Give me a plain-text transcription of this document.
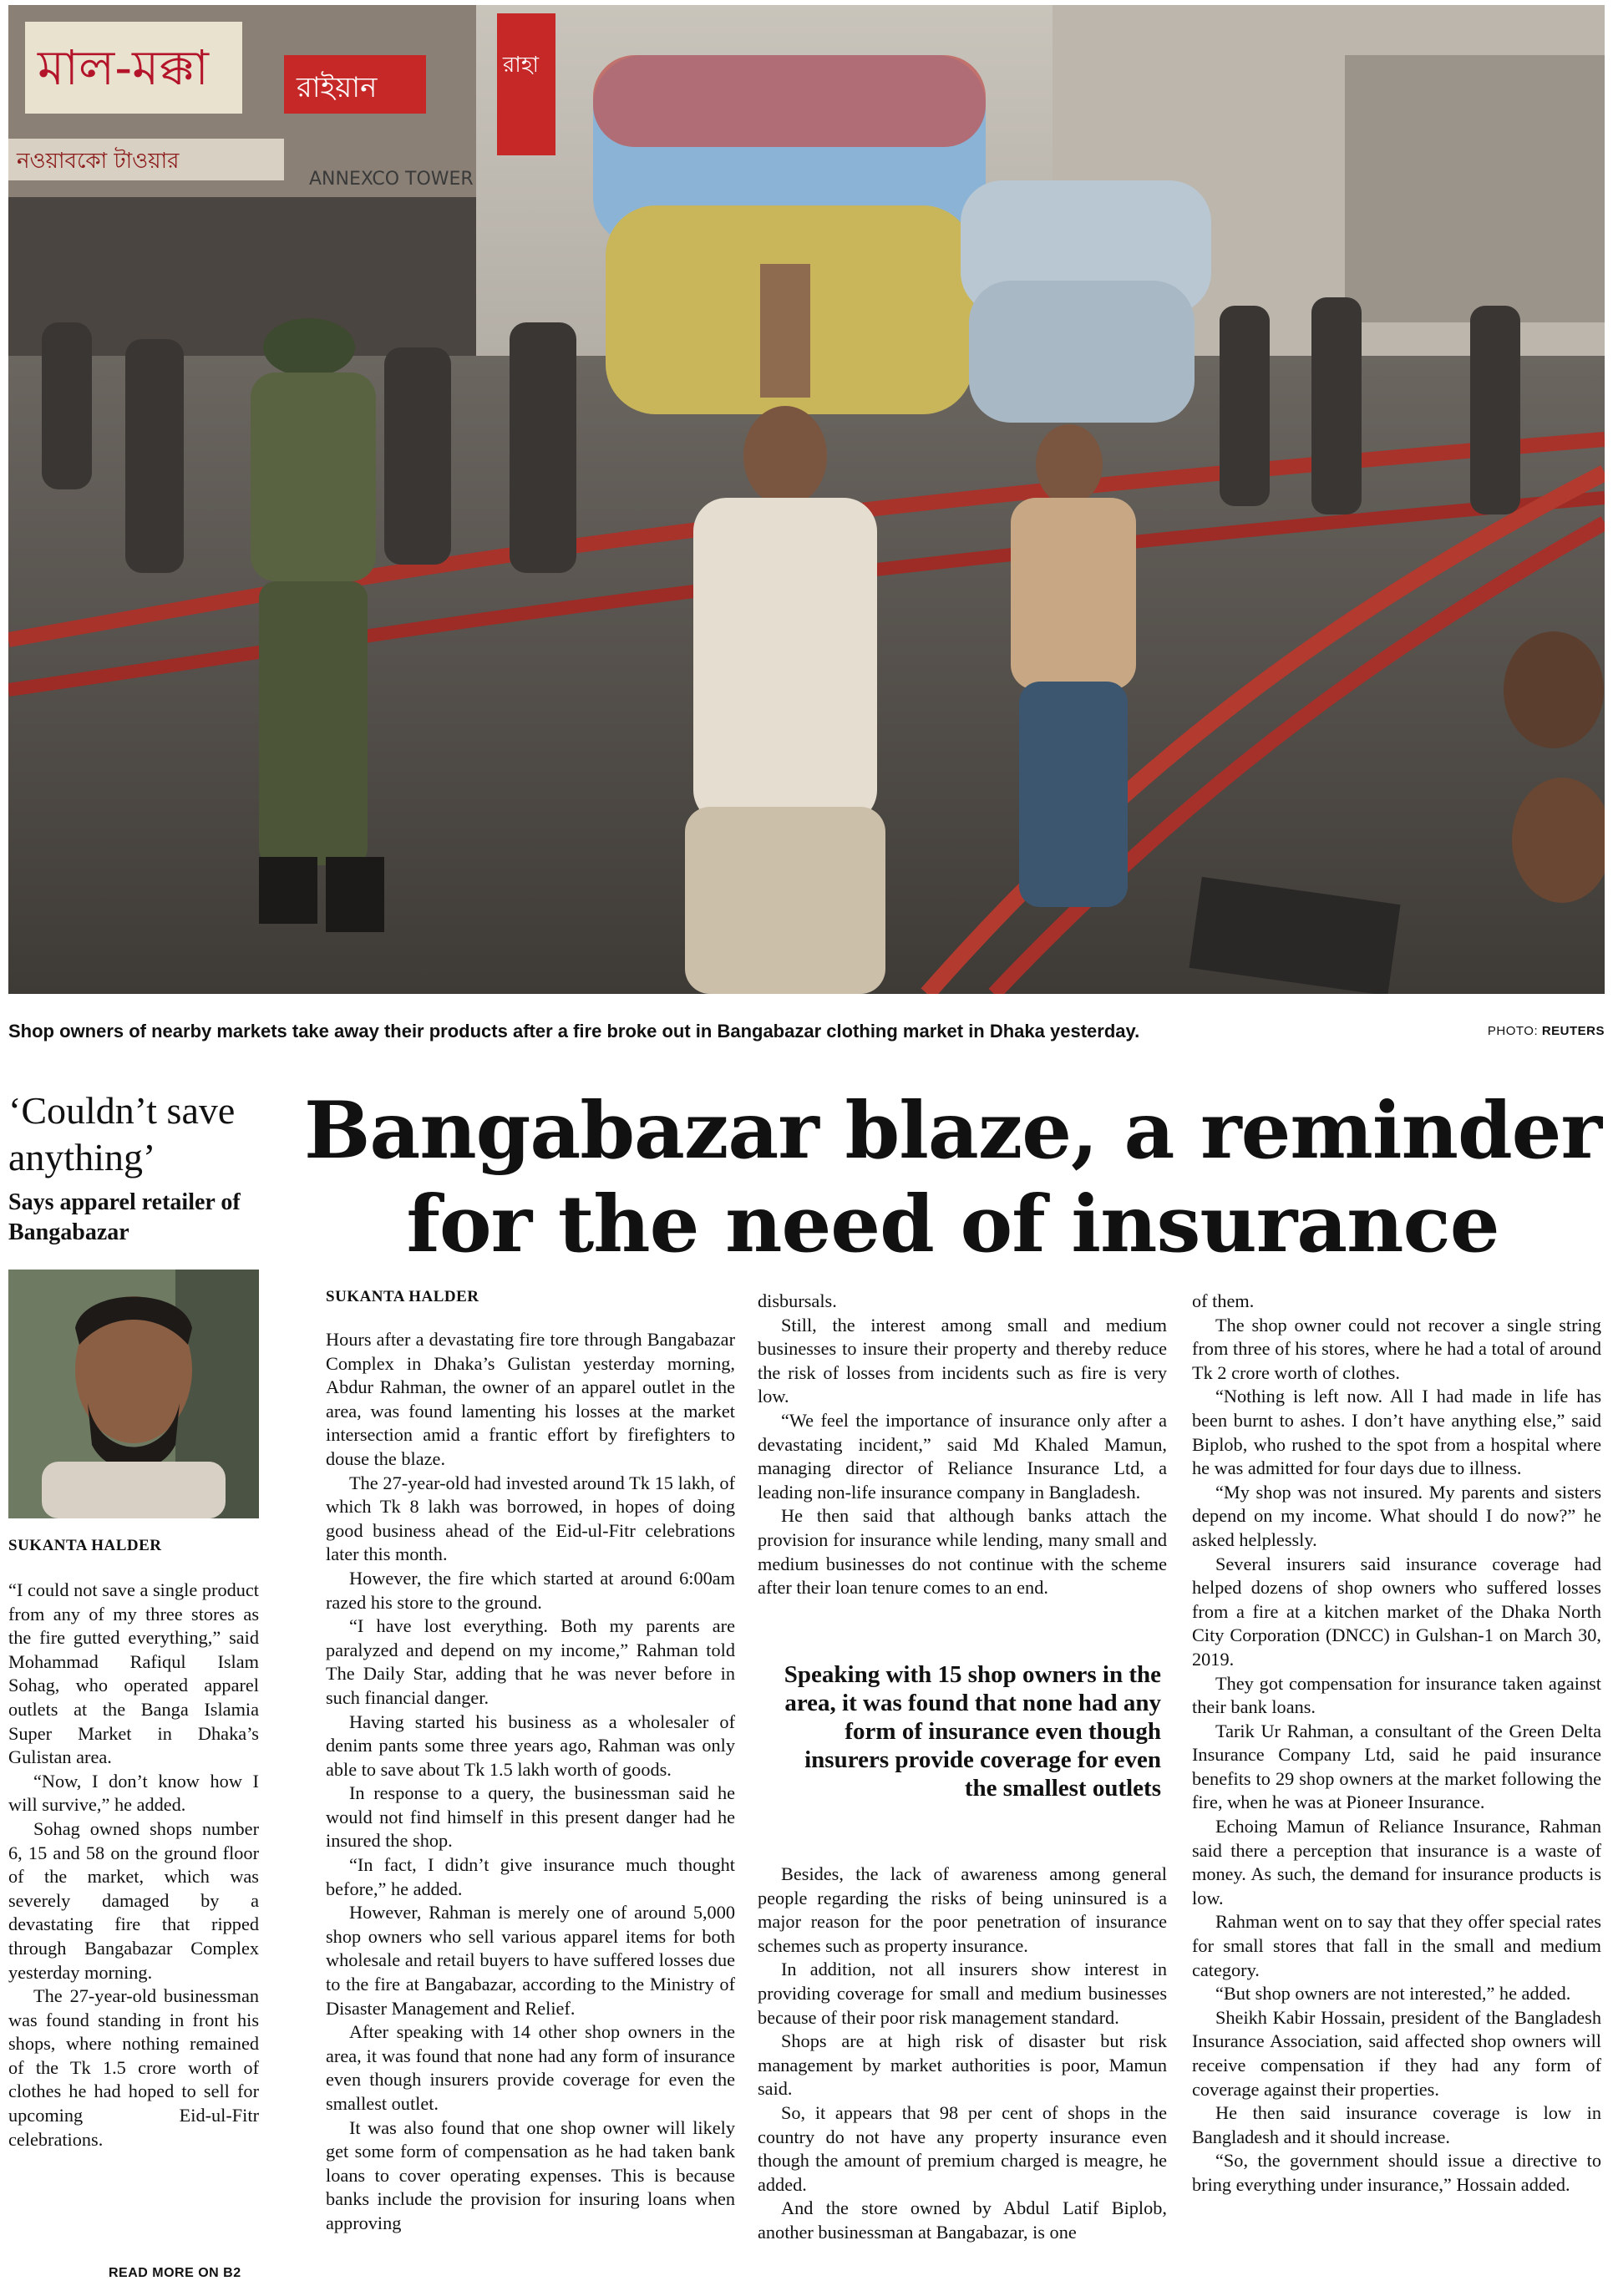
মাল-মক্কা	রাইয়ান
রাহা
নওয়াবকো টাওয়ার
ANNEXCO TOWER
Shop owners of nearby markets take away their products after a fire broke out in Bangabazar clothing market in Dhaka yesterday.	PHOTO: REUTERS
‘Couldn’t save anything’
Says apparel retailer of Bangabazar
SUKANTA HALDER

“I could not save a single product from any of my three stores as the fire gutted everything,” said Mohammad Rafiqul Islam Sohag, who operated apparel outlets at the Banga Islamia Super Market in Dhaka’s Gulistan area.

“Now, I don’t know how I will survive,” he added.

Sohag owned shops number 6, 15 and 58 on the ground floor of the market, which was severely damaged by a devastating fire that ripped through Bangabazar Complex yesterday morning.

The 27-year-old businessman was found standing in front his shops, where nothing remained of the Tk 1.5 crore worth of clothes he had hoped to sell for upcoming Eid-ul-Fitr celebrations.

READ MORE ON B2
Bangabazar blaze, a reminder for the need of insurance
SUKANTA HALDER

Hours after a devastating fire tore through Bangabazar Complex in Dhaka’s Gulistan yesterday morning, Abdur Rahman, the owner of an apparel outlet in the area, was found lamenting his losses at the market intersection amid a frantic effort by firefighters to douse the blaze.

The 27-year-old had invested around Tk 15 lakh, of which Tk 8 lakh was borrowed, in hopes of doing good business ahead of the Eid-ul-Fitr celebrations later this month.

However, the fire which started at around 6:00am razed his store to the ground.

“I have lost everything. Both my parents are paralyzed and depend on my income,” Rahman told The Daily Star, adding that he was never before in such financial danger.

Having started his business as a wholesaler of denim pants some three years ago, Rahman was only able to save about Tk 1.5 lakh worth of goods.

In response to a query, the businessman said he would not find himself in this present danger had he insured the shop.

“In fact, I didn’t give insurance much thought before,” he added.

However, Rahman is merely one of around 5,000 shop owners who sell various apparel items for both wholesale and retail buyers to have suffered losses due to the fire at Bangabazar, according to the Ministry of Disaster Management and Relief.

After speaking with 14 other shop owners in the area, it was found that none had any form of insurance even though insurers provide coverage for even the smallest outlet.

It was also found that one shop owner will likely get some form of compensation as he had taken bank loans to cover operating expenses. This is because banks include the provision for insuring loans when approving

disbursals.

Still, the interest among small and medium businesses to insure their property and thereby reduce the risk of losses from incidents such as fire is very low.

“We feel the importance of insurance only after a devastating incident,” said Md Khaled Mamun, managing director of Reliance Insurance Ltd, a leading non-life insurance company in Bangladesh.

He then said that although banks attach the provision for insurance while lending, many small and medium businesses do not continue with the scheme after their loan tenure comes to an end.

Speaking with 15 shop owners in the area, it was found that none had any form of insurance even though insurers provide coverage for even the smallest outlets

Besides, the lack of awareness among general people regarding the risks of being uninsured is a major reason for the poor penetration of insurance schemes such as property insurance.

In addition, not all insurers show interest in providing coverage for small and medium businesses because of their poor risk management standard.

Shops are at high risk of disaster but risk management by market authorities is poor, Mamun said.

So, it appears that 98 per cent of shops in the country do not have any property insurance even though the amount of premium charged is meagre, he added.

And the store owned by Abdul Latif Biplob, another businessman at Bangabazar, is one

of them.

The shop owner could not recover a single string from three of his stores, where he had a total of around Tk 2 crore worth of clothes.

“Nothing is left now. All I had made in life has been burnt to ashes. I don’t have anything else,” said Biplob, who rushed to the spot from a hospital where he was admitted for four days due to illness.

“My shop was not insured. My parents and sisters depend on my income. What should I do now?” he asked helplessly.

Several insurers said insurance coverage had helped dozens of shop owners who suffered losses from a fire at a kitchen market of the Dhaka North City Corporation (DNCC) in Gulshan-1 on March 30, 2019.

They got compensation for insurance taken against their bank loans.

Tarik Ur Rahman, a consultant of the Green Delta Insurance Company Ltd, said he paid insurance benefits to 29 shop owners at the market following the fire, when he was at Pioneer Insurance.

Echoing Mamun of Reliance Insurance, Rahman said there a perception that insurance is a waste of money. As such, the demand for insurance products is low.

Rahman went on to say that they offer special rates for small stores that fall in the small and medium category.

“But shop owners are not interested,” he added.

Sheikh Kabir Hossain, president of the Bangladesh Insurance Association, said affected shop owners will receive compensation if they had any form of coverage against their properties.

He then said insurance coverage is low in Bangladesh and it should increase.

“So, the government should issue a directive to bring everything under insurance,” Hossain added.
